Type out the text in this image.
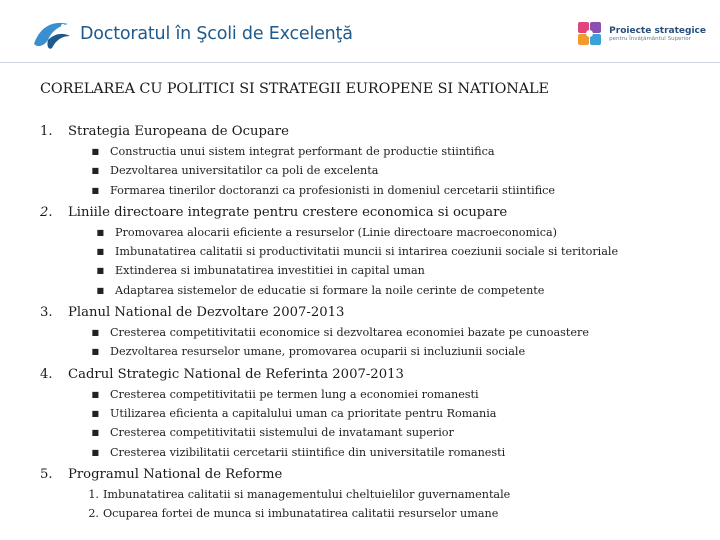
Doctoratul în Şcoli de Excelenţă	Proiecte strategice
pentru Învăţământul Superior
CORELAREA CU POLITICI SI STRATEGII EUROPENE SI NATIONALE
1.	Strategia Europeana de Ocupare
■ Constructia unui sistem integrat performant de productie stiintifica
■ Dezvoltarea universitatilor ca poli de excelenta
■ Formarea tinerilor doctoranzi ca profesionisti in domeniul cercetarii stiintifice
2.	Liniile directoare integrate pentru crestere economica si ocupare
■ Promovarea alocarii eficiente a resurselor (Linie directoare macroeconomica)
■ Imbunatatirea calitatii si productivitatii muncii si intarirea coeziunii sociale si teritoriale
■ Extinderea si imbunatatirea investitiei in capital uman
■ Adaptarea sistemelor de educatie si formare la noile cerinte de competente
3.	Planul National de Dezvoltare 2007-2013
■ Cresterea competitivitatii economice si dezvoltarea economiei bazate pe cunoastere
■ Dezvoltarea resurselor umane, promovarea ocuparii si incluziunii sociale
4.	Cadrul Strategic National de Referinta 2007-2013
■ Cresterea competitivitatii pe termen lung a economiei romanesti
■ Utilizarea eficienta a capitalului uman ca prioritate pentru Romania
■ Cresterea competitivitatii sistemului de invatamant superior
■ Cresterea vizibilitatii cercetarii stiintifice din universitatile romanesti
5.	Programul National de Reforme
1. Imbunatatirea calitatii si managementului cheltuielilor guvernamentale
2. Ocuparea fortei de munca si imbunatatirea calitatii resurselor umane
